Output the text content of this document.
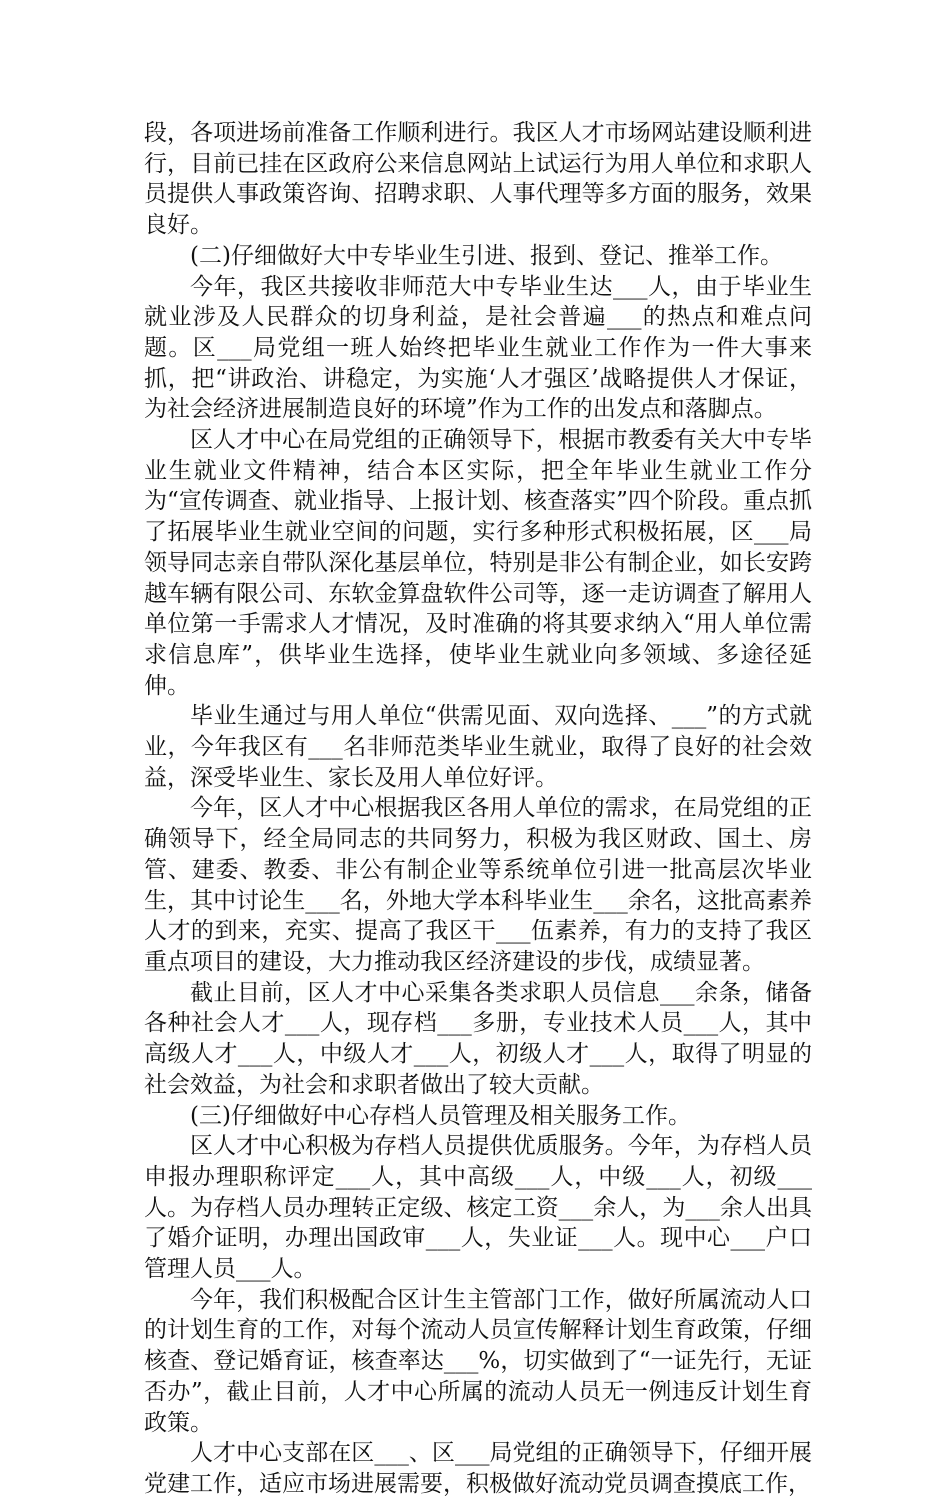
段，各项进场前准备工作顺利进行。我区人才市场网站建设顺利进行，目前已挂在区政府公来信息网站上试运行为用人单位和求职人员提供人事政策咨询、招聘求职、人事代理等多方面的服务，效果良好。

(二)仔细做好大中专毕业生引进、报到、登记、推举工作。

今年，我区共接收非师范大中专毕业生达___人，由于毕业生就业涉及人民群众的切身利益，是社会普遍___的热点和难点问题。区___局党组一班人始终把毕业生就业工作作为一件大事来抓，把“讲政治、讲稳定，为实施‘人才强区’战略提供人才保证，为社会经济进展制造良好的环境”作为工作的出发点和落脚点。

区人才中心在局党组的正确领导下，根据市教委有关大中专毕业生就业文件精神，结合本区实际，把全年毕业生就业工作分为“宣传调查、就业指导、上报计划、核查落实”四个阶段。重点抓了拓展毕业生就业空间的问题，实行多种形式积极拓展，区___局领导同志亲自带队深化基层单位，特别是非公有制企业，如长安跨越车辆有限公司、东软金算盘软件公司等，逐一走访调查了解用人单位第一手需求人才情况，及时准确的将其要求纳入“用人单位需求信息库”，供毕业生选择，使毕业生就业向多领域、多途径延伸。

毕业生通过与用人单位“供需见面、双向选择、___”的方式就业，今年我区有___名非师范类毕业生就业，取得了良好的社会效益，深受毕业生、家长及用人单位好评。

今年，区人才中心根据我区各用人单位的需求，在局党组的正确领导下，经全局同志的共同努力，积极为我区财政、国土、房管、建委、教委、非公有制企业等系统单位引进一批高层次毕业生，其中讨论生___名，外地大学本科毕业生___余名，这批高素养人才的到来，充实、提高了我区干___伍素养，有力的支持了我区重点项目的建设，大力推动我区经济建设的步伐，成绩显著。

截止目前，区人才中心采集各类求职人员信息___余条，储备各种社会人才___人，现存档___多册，专业技术人员___人，其中高级人才___人，中级人才___人，初级人才___人，取得了明显的社会效益，为社会和求职者做出了较大贡献。

(三)仔细做好中心存档人员管理及相关服务工作。

区人才中心积极为存档人员提供优质服务。今年，为存档人员申报办理职称评定___人，其中高级___人，中级___人，初级___人。为存档人员办理转正定级、核定工资___余人，为___余人出具了婚介证明，办理出国政审___人，失业证___人。现中心___户口管理人员___人。

今年，我们积极配合区计生主管部门工作，做好所属流动人口的计划生育的工作，对每个流动人员宣传解释计划生育政策，仔细核查、登记婚育证，核查率达___%，切实做到了“一证先行，无证否办”，截止目前，人才中心所属的流动人员无一例违反计划生育政策。

人才中心支部在区___、区___局党组的正确领导下，仔细开展党建工作，适应市场进展需要，积极做好流动党员调查摸底工作，
